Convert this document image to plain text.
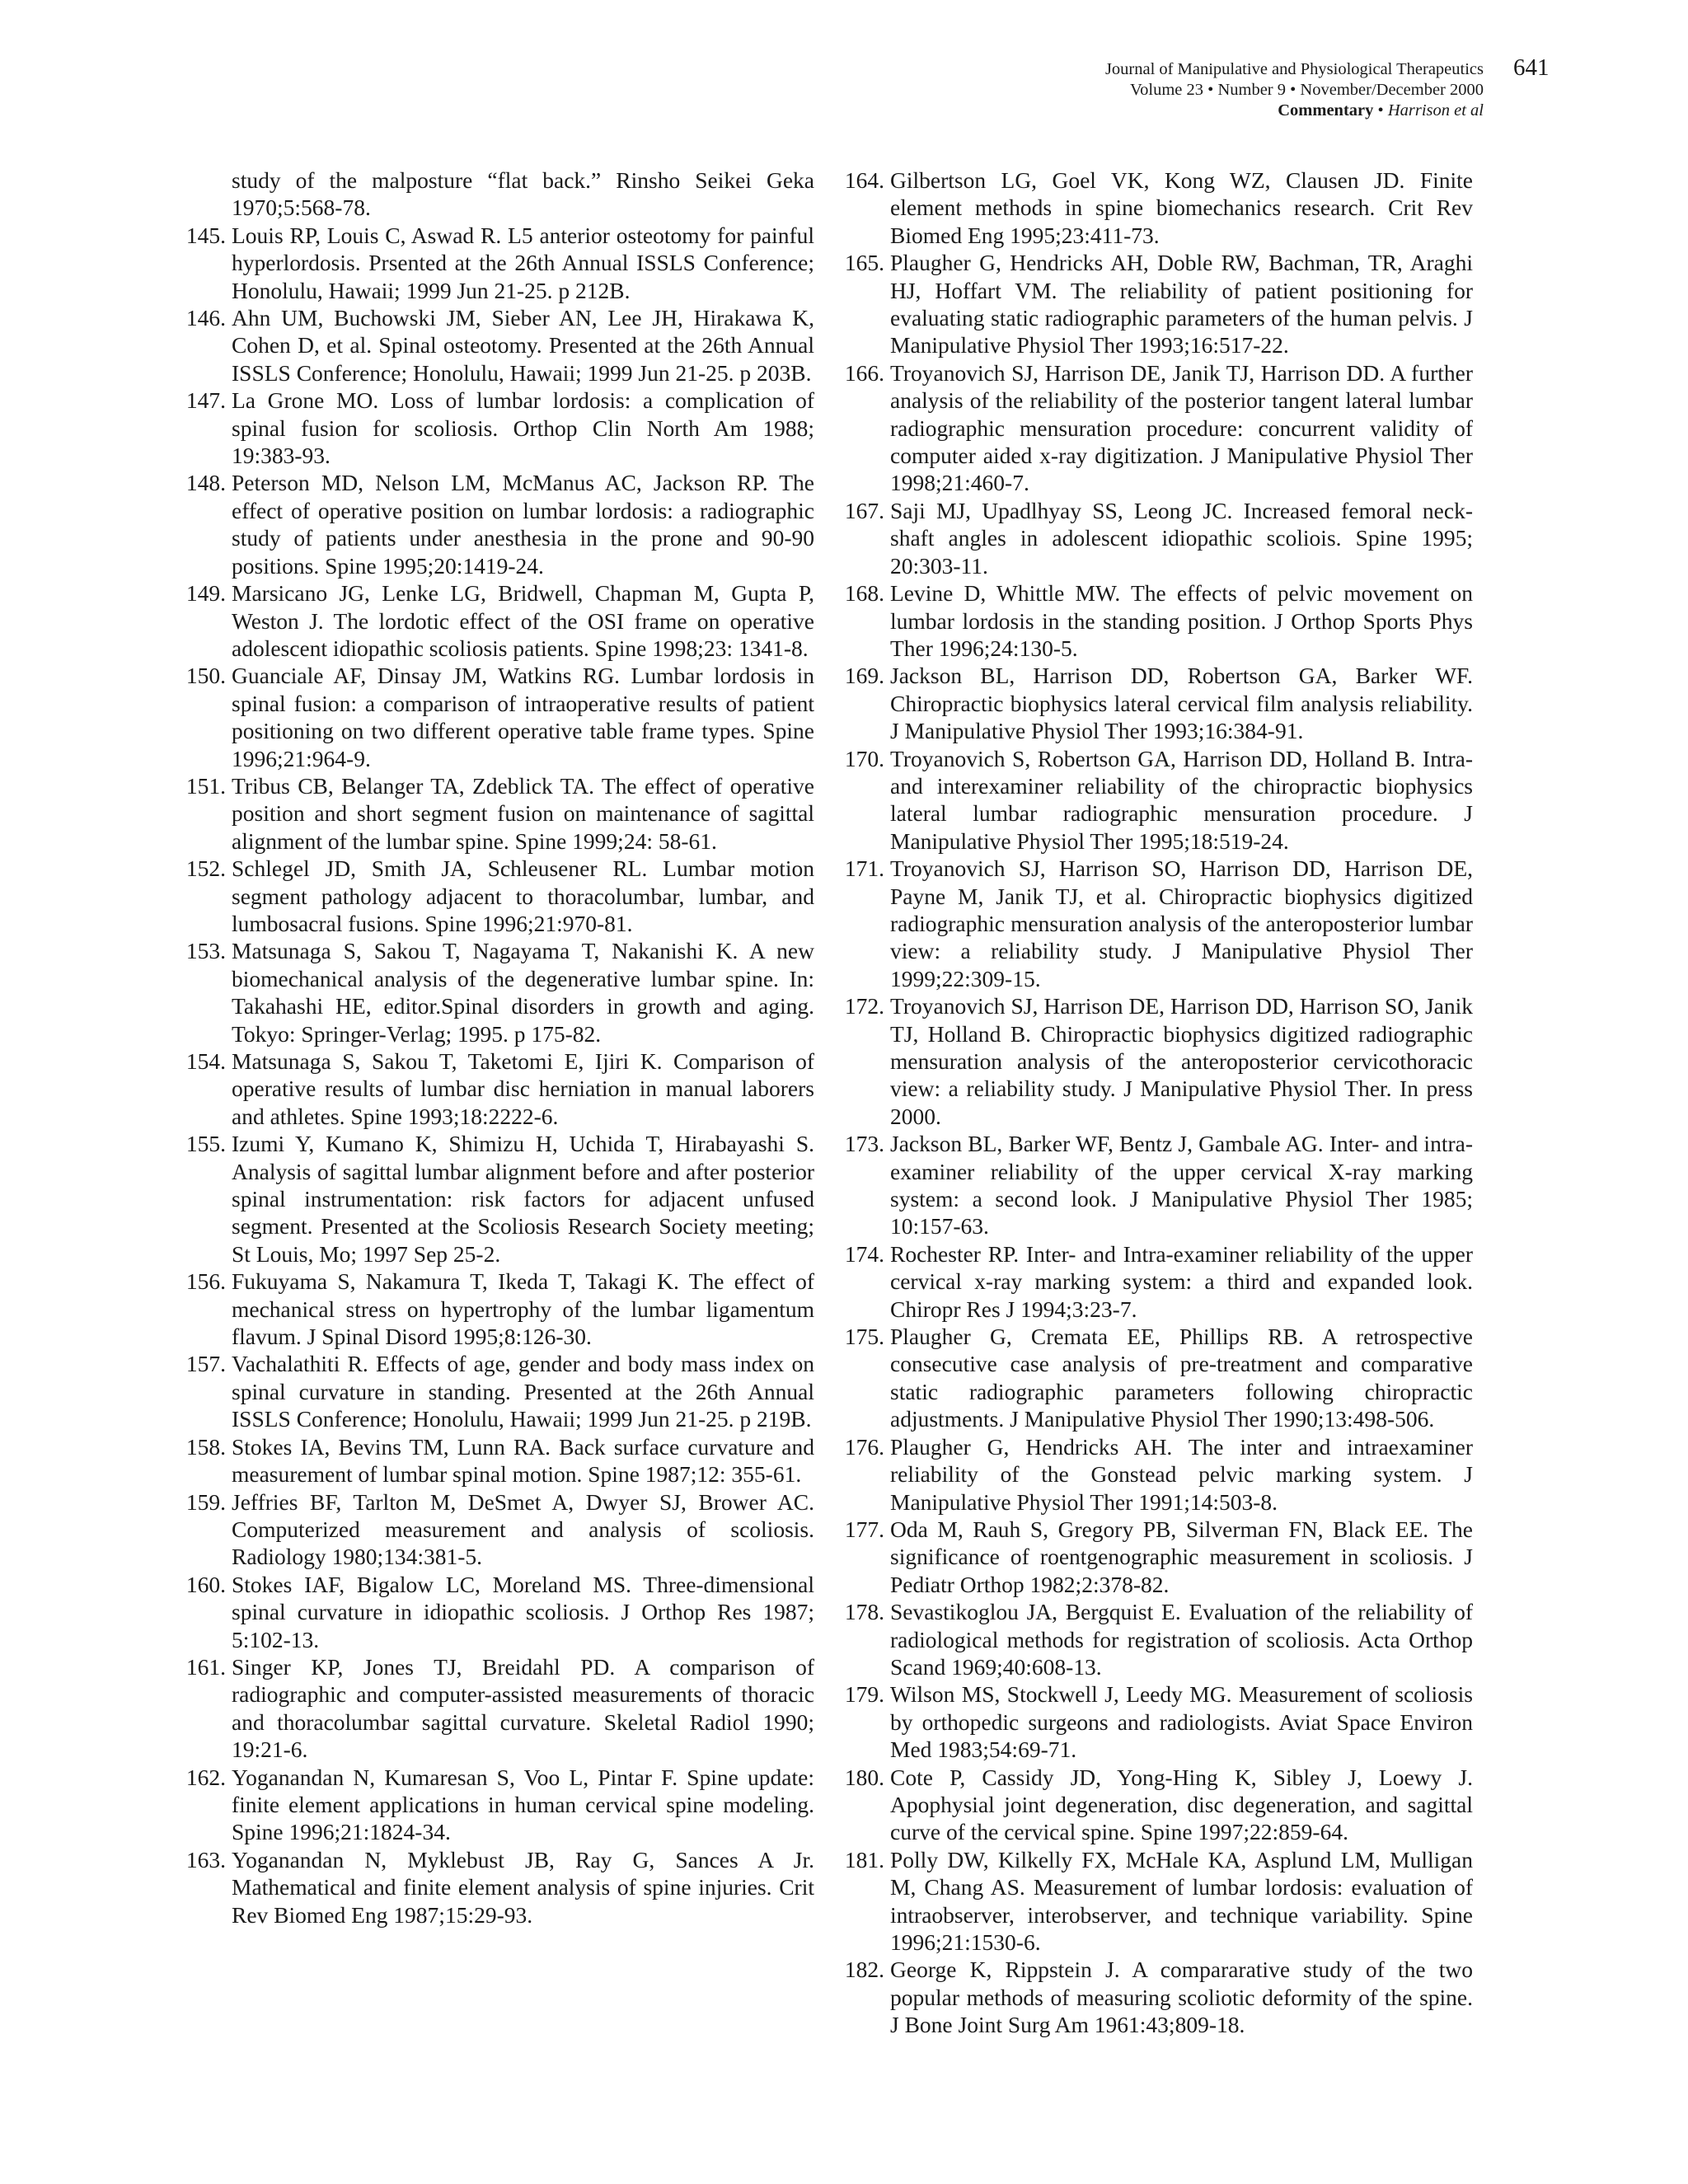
Journal of Manipulative and Physiological Therapeutics
Volume 23 • Number 9 • November/December 2000
Commentary • Harrison et al
641

study of the malposture “flat back.” Rinsho Seikei Geka 1970;5:568-78.

145. Louis RP, Louis C, Aswad R. L5 anterior osteotomy for painful hyperlordosis. Prsented at the 26th Annual ISSLS Conference; Honolulu, Hawaii; 1999 Jun 21-25. p 212B.

146. Ahn UM, Buchowski JM, Sieber AN, Lee JH, Hirakawa K, Cohen D, et al. Spinal osteotomy. Presented at the 26th Annual ISSLS Conference; Honolulu, Hawaii; 1999 Jun 21-25. p 203B.

147. La Grone MO. Loss of lumbar lordosis: a complication of spinal fusion for scoliosis. Orthop Clin North Am 1988; 19:383-93.

148. Peterson MD, Nelson LM, McManus AC, Jackson RP. The effect of operative position on lumbar lordosis: a radiographic study of patients under anesthesia in the prone and 90-90 positions. Spine 1995;20:1419-24.

149. Marsicano JG, Lenke LG, Bridwell, Chapman M, Gupta P, Weston J. The lordotic effect of the OSI frame on operative adolescent idiopathic scoliosis patients. Spine 1998;23: 1341-8.

150. Guanciale AF, Dinsay JM, Watkins RG. Lumbar lordosis in spinal fusion: a comparison of intraoperative results of patient positioning on two different operative table frame types. Spine 1996;21:964-9.

151. Tribus CB, Belanger TA, Zdeblick TA. The effect of operative position and short segment fusion on maintenance of sagittal alignment of the lumbar spine. Spine 1999;24: 58-61.

152. Schlegel JD, Smith JA, Schleusener RL. Lumbar motion segment pathology adjacent to thoracolumbar, lumbar, and lumbosacral fusions. Spine 1996;21:970-81.

153. Matsunaga S, Sakou T, Nagayama T, Nakanishi K. A new biomechanical analysis of the degenerative lumbar spine. In: Takahashi HE, editor.Spinal disorders in growth and aging. Tokyo: Springer-Verlag; 1995. p 175-82.

154. Matsunaga S, Sakou T, Taketomi E, Ijiri K. Comparison of operative results of lumbar disc herniation in manual laborers and athletes. Spine 1993;18:2222-6.

155. Izumi Y, Kumano K, Shimizu H, Uchida T, Hirabayashi S. Analysis of sagittal lumbar alignment before and after posterior spinal instrumentation: risk factors for adjacent unfused segment. Presented at the Scoliosis Research Society meeting; St Louis, Mo; 1997 Sep 25-2.

156. Fukuyama S, Nakamura T, Ikeda T, Takagi K. The effect of mechanical stress on hypertrophy of the lumbar ligamentum flavum. J Spinal Disord 1995;8:126-30.

157. Vachalathiti R. Effects of age, gender and body mass index on spinal curvature in standing. Presented at the 26th Annual ISSLS Conference; Honolulu, Hawaii; 1999 Jun 21-25. p 219B.

158. Stokes IA, Bevins TM, Lunn RA. Back surface curvature and measurement of lumbar spinal motion. Spine 1987;12: 355-61.

159. Jeffries BF, Tarlton M, DeSmet A, Dwyer SJ, Brower AC. Computerized measurement and analysis of scoliosis. Radiology 1980;134:381-5.

160. Stokes IAF, Bigalow LC, Moreland MS. Three-dimensional spinal curvature in idiopathic scoliosis. J Orthop Res 1987; 5:102-13.

161. Singer KP, Jones TJ, Breidahl PD. A comparison of radiographic and computer-assisted measurements of thoracic and thoracolumbar sagittal curvature. Skeletal Radiol 1990; 19:21-6.

162. Yoganandan N, Kumaresan S, Voo L, Pintar F. Spine update: finite element applications in human cervical spine modeling. Spine 1996;21:1824-34.

163. Yoganandan N, Myklebust JB, Ray G, Sances A Jr. Mathematical and finite element analysis of spine injuries. Crit Rev Biomed Eng 1987;15:29-93.

164. Gilbertson LG, Goel VK, Kong WZ, Clausen JD. Finite element methods in spine biomechanics research. Crit Rev Biomed Eng 1995;23:411-73.

165. Plaugher G, Hendricks AH, Doble RW, Bachman, TR, Araghi HJ, Hoffart VM. The reliability of patient positioning for evaluating static radiographic parameters of the human pelvis. J Manipulative Physiol Ther 1993;16:517-22.

166. Troyanovich SJ, Harrison DE, Janik TJ, Harrison DD. A further analysis of the reliability of the posterior tangent lateral lumbar radiographic mensuration procedure: concurrent validity of computer aided x-ray digitization. J Manipulative Physiol Ther 1998;21:460-7.

167. Saji MJ, Upadlhyay SS, Leong JC. Increased femoral neck-shaft angles in adolescent idiopathic scoliois. Spine 1995; 20:303-11.

168. Levine D, Whittle MW. The effects of pelvic movement on lumbar lordosis in the standing position. J Orthop Sports Phys Ther 1996;24:130-5.

169. Jackson BL, Harrison DD, Robertson GA, Barker WF. Chiropractic biophysics lateral cervical film analysis reliability. J Manipulative Physiol Ther 1993;16:384-91.

170. Troyanovich S, Robertson GA, Harrison DD, Holland B. Intra- and interexaminer reliability of the chiropractic biophysics lateral lumbar radiographic mensuration procedure. J Manipulative Physiol Ther 1995;18:519-24.

171. Troyanovich SJ, Harrison SO, Harrison DD, Harrison DE, Payne M, Janik TJ, et al. Chiropractic biophysics digitized radiographic mensuration analysis of the anteroposterior lumbar view: a reliability study. J Manipulative Physiol Ther 1999;22:309-15.

172. Troyanovich SJ, Harrison DE, Harrison DD, Harrison SO, Janik TJ, Holland B. Chiropractic biophysics digitized radiographic mensuration analysis of the anteroposterior cervicothoracic view: a reliability study. J Manipulative Physiol Ther. In press 2000.

173. Jackson BL, Barker WF, Bentz J, Gambale AG. Inter- and intra-examiner reliability of the upper cervical X-ray marking system: a second look. J Manipulative Physiol Ther 1985; 10:157-63.

174. Rochester RP. Inter- and Intra-examiner reliability of the upper cervical x-ray marking system: a third and expanded look. Chiropr Res J 1994;3:23-7.

175. Plaugher G, Cremata EE, Phillips RB. A retrospective consecutive case analysis of pre-treatment and comparative static radiographic parameters following chiropractic adjustments. J Manipulative Physiol Ther 1990;13:498-506.

176. Plaugher G, Hendricks AH. The inter and intraexaminer reliability of the Gonstead pelvic marking system. J Manipulative Physiol Ther 1991;14:503-8.

177. Oda M, Rauh S, Gregory PB, Silverman FN, Black EE. The significance of roentgenographic measurement in scoliosis. J Pediatr Orthop 1982;2:378-82.

178. Sevastikoglou JA, Bergquist E. Evaluation of the reliability of radiological methods for registration of scoliosis. Acta Orthop Scand 1969;40:608-13.

179. Wilson MS, Stockwell J, Leedy MG. Measurement of scoliosis by orthopedic surgeons and radiologists. Aviat Space Environ Med 1983;54:69-71.

180. Cote P, Cassidy JD, Yong-Hing K, Sibley J, Loewy J. Apophysial joint degeneration, disc degeneration, and sagittal curve of the cervical spine. Spine 1997;22:859-64.

181. Polly DW, Kilkelly FX, McHale KA, Asplund LM, Mulligan M, Chang AS. Measurement of lumbar lordosis: evaluation of intraobserver, interobserver, and technique variability. Spine 1996;21:1530-6.

182. George K, Rippstein J. A compararative study of the two popular methods of measuring scoliotic deformity of the spine. J Bone Joint Surg Am 1961:43;809-18.
